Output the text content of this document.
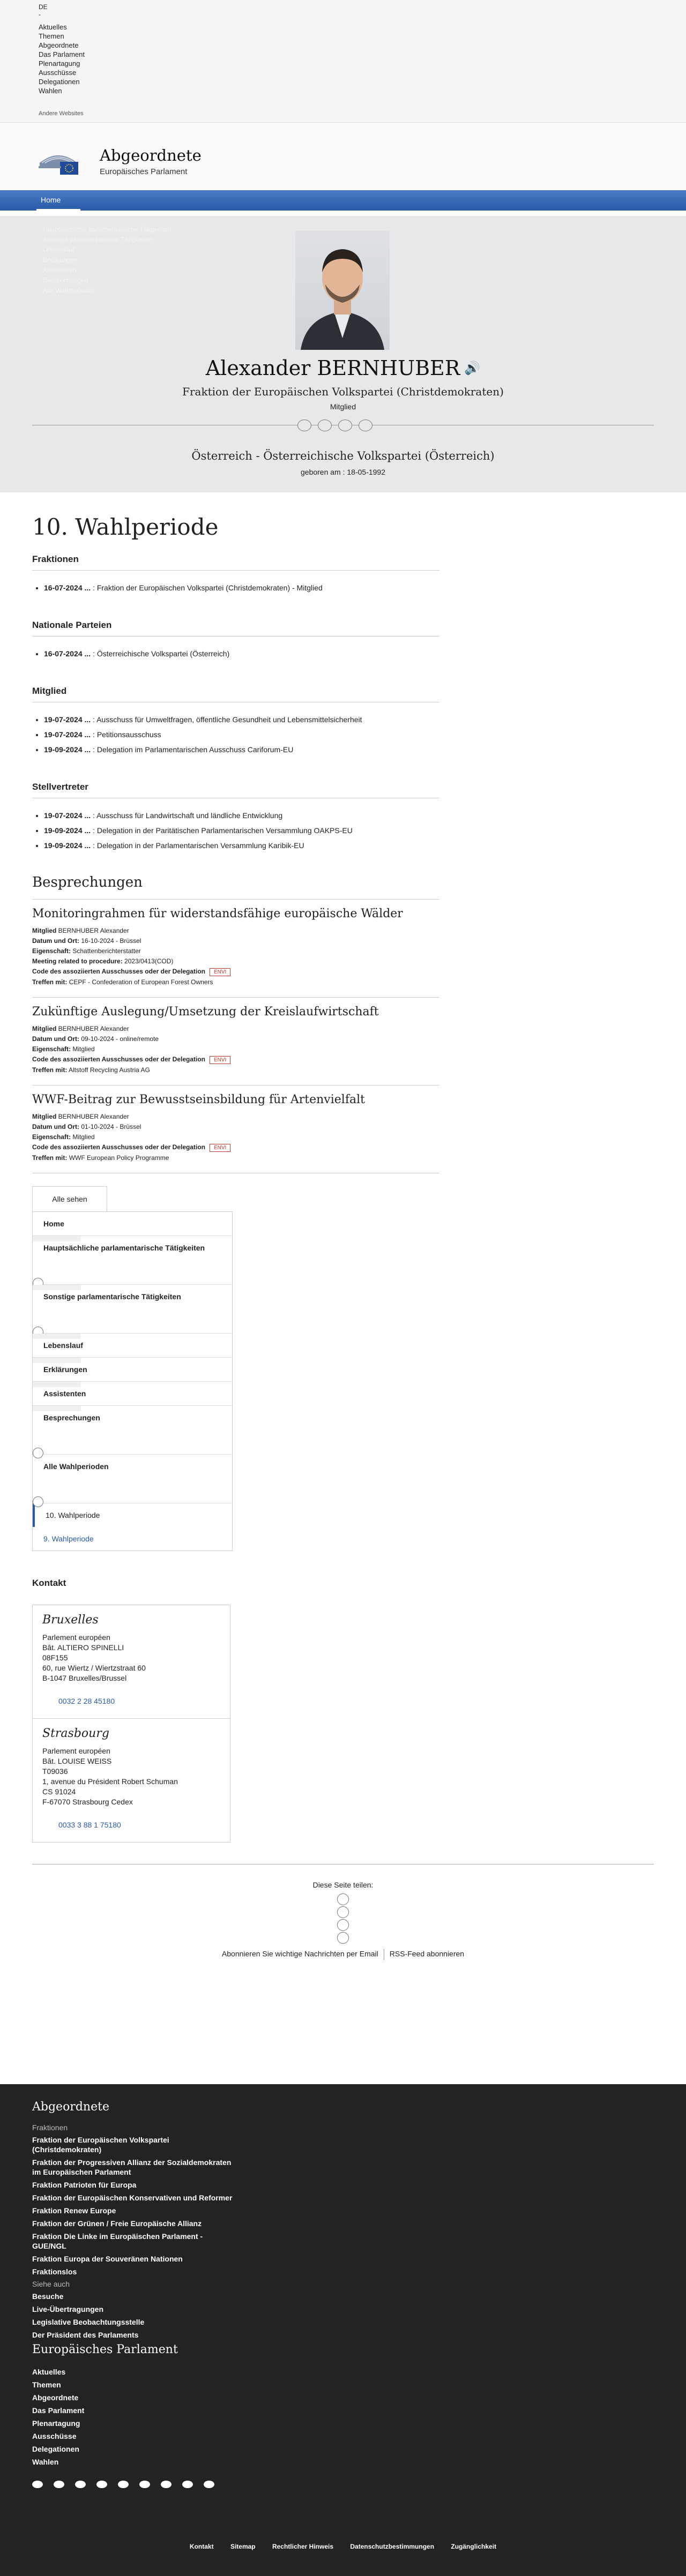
DE
-
Aktuelles
Themen
Abgeordnete
Das Parlament
Plenartagung
Ausschüsse
Delegationen
Wahlen
Andere Websites
Abgeordnete
Europäisches Parlament
Home
Hauptsächliche parlamentarische Tätigkeiten
Sonstige parlamentarische Tätigkeiten
Lebenslauf
Erklärungen
Assistenten
Besprechungen
Alle Wahlperioden
Alexander BERNHUBER 🔊
Fraktion der Europäischen Volkspartei (Christdemokraten)
Mitglied
Österreich - Österreichische Volkspartei (Österreich)
geboren am : 18-05-1992
10. Wahlperiode
Fraktionen
• 16-07-2024 ... : Fraktion der Europäischen Volkspartei (Christdemokraten) - Mitglied
Nationale Parteien
• 16-07-2024 ... : Österreichische Volkspartei (Österreich)
Mitglied
• 19-07-2024 ... : Ausschuss für Umweltfragen, öffentliche Gesundheit und Lebensmittelsicherheit
• 19-07-2024 ... : Petitionsausschuss
• 19-09-2024 ... : Delegation im Parlamentarischen Ausschuss Cariforum-EU
Stellvertreter
• 19-07-2024 ... : Ausschuss für Landwirtschaft und ländliche Entwicklung
• 19-09-2024 ... : Delegation in der Paritätischen Parlamentarischen Versammlung OAKPS-EU
• 19-09-2024 ... : Delegation in der Parlamentarischen Versammlung Karibik-EU
Besprechungen
Monitoringrahmen für widerstandsfähige europäische Wälder
Mitglied BERNHUBER Alexander
Datum und Ort: 16-10-2024 - Brüssel
Eigenschaft: Schattenberichterstatter
Meeting related to procedure: 2023/0413(COD)
Code des assoziierten Ausschusses oder der Delegation ENVI
Treffen mit: CEPF - Confederation of European Forest Owners
Zukünftige Auslegung/Umsetzung der Kreislaufwirtschaft
Mitglied BERNHUBER Alexander
Datum und Ort: 09-10-2024 - online/remote
Eigenschaft: Mitglied
Code des assoziierten Ausschusses oder der Delegation ENVI
Treffen mit: Altstoff Recycling Austria AG
WWF-Beitrag zur Bewusstseinsbildung für Artenvielfalt
Mitglied BERNHUBER Alexander
Datum und Ort: 01-10-2024 - Brüssel
Eigenschaft: Mitglied
Code des assoziierten Ausschusses oder der Delegation ENVI
Treffen mit: WWF European Policy Programme
Alle sehen
Home
Hauptsächliche parlamentarische Tätigkeiten
Sonstige parlamentarische Tätigkeiten
Lebenslauf
Erklärungen
Assistenten
Besprechungen
Alle Wahlperioden
10. Wahlperiode
9. Wahlperiode
Kontakt
Bruxelles
Parlement européen
Bât. ALTIERO SPINELLI
08F155
60, rue Wiertz / Wiertzstraat 60
B-1047 Bruxelles/Brussel
0032 2 28 45180
Strasbourg
Parlement européen
Bât. LOUISE WEISS
T09036
1, avenue du Président Robert Schuman
CS 91024
F-67070 Strasbourg Cedex
0033 3 88 1 75180
Diese Seite teilen:
Abonnieren Sie wichtige Nachrichten per Email RSS-Feed abonnieren
Abgeordnete
Fraktionen
Fraktion der Europäischen Volkspartei (Christdemokraten)
Fraktion der Progressiven Allianz der Sozialdemokraten im Europäischen Parlament
Fraktion Patrioten für Europa
Fraktion der Europäischen Konservativen und Reformer
Fraktion Renew Europe
Fraktion der Grünen / Freie Europäische Allianz
Fraktion Die Linke im Europäischen Parlament - GUE/NGL
Fraktion Europa der Souveränen Nationen
Fraktionslos
Siehe auch
Besuche
Live-Übertragungen
Legislative Beobachtungsstelle
Der Präsident des Parlaments
Europäisches Parlament
Aktuelles
Themen
Abgeordnete
Das Parlament
Plenartagung
Ausschüsse
Delegationen
Wahlen
Kontakt	Sitemap	Rechtlicher Hinweis	Datenschutzbestimmungen	Zugänglichkeit
